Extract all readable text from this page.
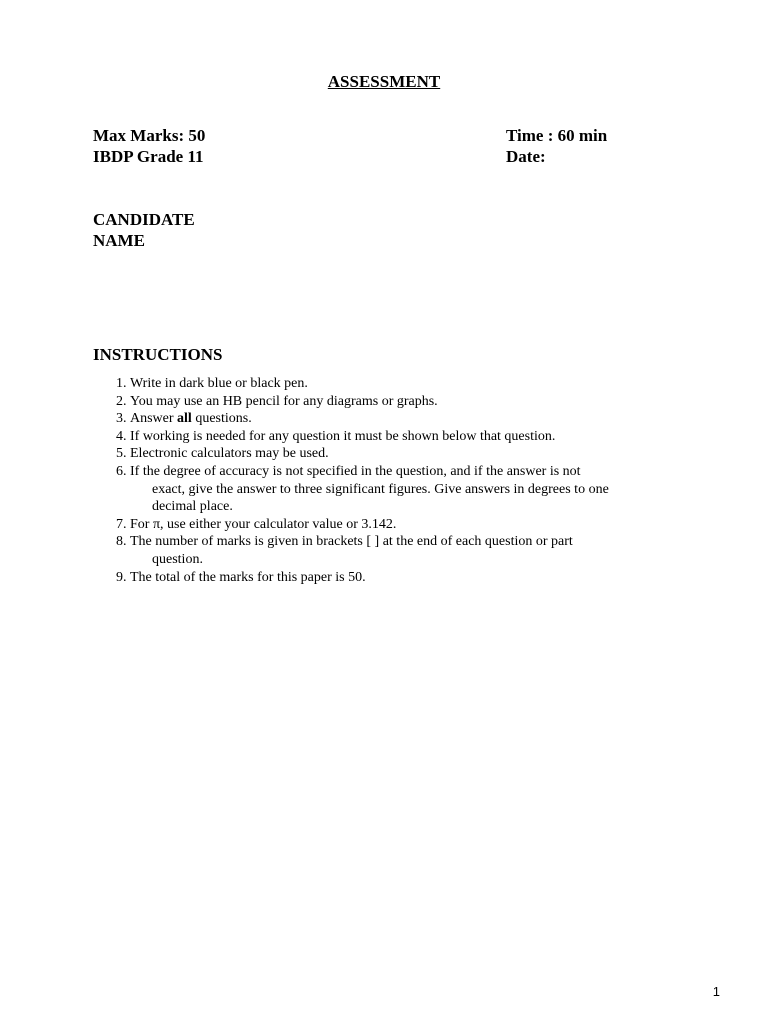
ASSESSMENT
Max Marks: 50
IBDP Grade 11
Time : 60 min
Date:
CANDIDATE
NAME
INSTRUCTIONS
1. Write in dark blue or black pen.
2. You may use an HB pencil for any diagrams or graphs.
3. Answer all questions.
4. If working is needed for any question it must be shown below that question.
5. Electronic calculators may be used.
6. If the degree of accuracy is not specified in the question, and if the answer is not
exact, give the answer to three significant figures. Give answers in degrees to one
decimal place.
7. For π, use either your calculator value or 3.142.
8. The number of marks is given in brackets [ ] at the end of each question or part
question.
9. The total of the marks for this paper is 50.
1
